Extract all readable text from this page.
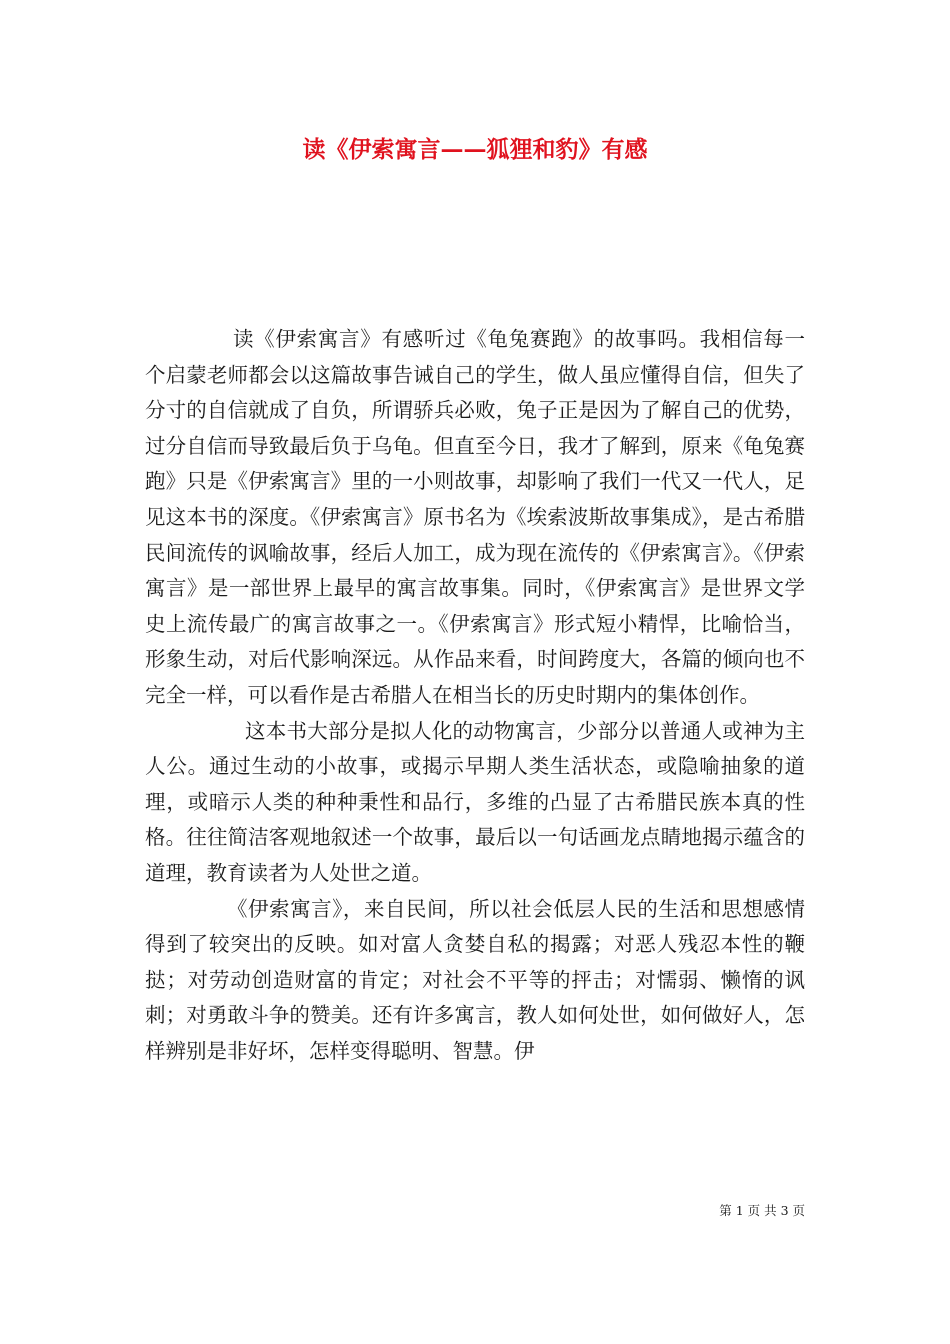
读《伊索寓言——狐狸和豹》有感

读《伊索寓言》有感听过《龟兔赛跑》的故事吗。我相信每一个启蒙老师都会以这篇故事告诫自己的学生，做人虽应懂得自信，但失了分寸的自信就成了自负，所谓骄兵必败，兔子正是因为了解自己的优势，过分自信而导致最后负于乌龟。但直至今日，我才了解到，原来《龟兔赛跑》只是《伊索寓言》里的一小则故事，却影响了我们一代又一代人，足见这本书的深度。《伊索寓言》原书名为《埃索波斯故事集成》，是古希腊民间流传的讽喻故事，经后人加工，成为现在流传的《伊索寓言》。《伊索寓言》是一部世界上最早的寓言故事集。同时，《伊索寓言》是世界文学史上流传最广的寓言故事之一。《伊索寓言》形式短小精悍，比喻恰当，形象生动，对后代影响深远。从作品来看，时间跨度大，各篇的倾向也不完全一样，可以看作是古希腊人在相当长的历史时期内的集体创作。

这本书大部分是拟人化的动物寓言，少部分以普通人或神为主人公。通过生动的小故事，或揭示早期人类生活状态，或隐喻抽象的道理，或暗示人类的种种秉性和品行，多维的凸显了古希腊民族本真的性格。往往简洁客观地叙述一个故事，最后以一句话画龙点睛地揭示蕴含的道理，教育读者为人处世之道。

《伊索寓言》，来自民间，所以社会低层人民的生活和思想感情得到了较突出的反映。如对富人贪婪自私的揭露；对恶人残忍本性的鞭挞；对劳动创造财富的肯定；对社会不平等的抨击；对懦弱、懒惰的讽刺；对勇敢斗争的赞美。还有许多寓言，教人如何处世，如何做好人，怎样辨别是非好坏，怎样变得聪明、智慧。伊

第 1 页 共 3 页
